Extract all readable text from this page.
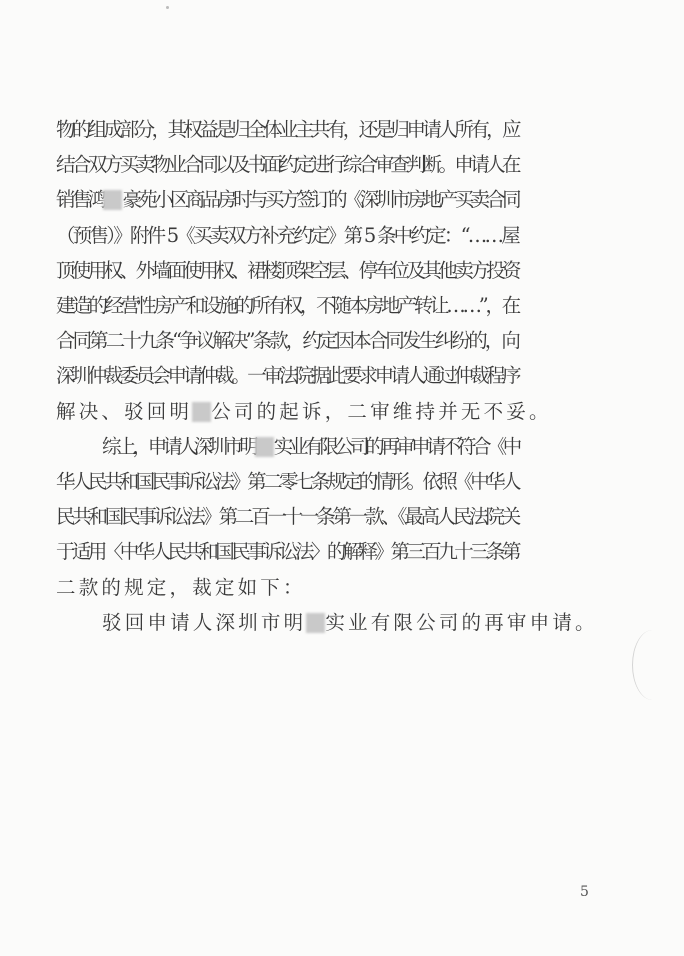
物的组成部分，其权益是归全体业主共有，还是归申请人所有，应
结合双方买卖物业合同以及书面约定进行综合审查判断。申请人在
销售鸿 豪苑小区商品房时与买方签订的《深圳市房地产买卖合同
（预售）》附件 5《买卖双方补充约定》第 5 条中约定：“……屋
顶使用权、外墙面使用权、裙楼顶架空层、停车位及其他卖方投资
建造的经营性房产和设施的所有权，不随本房地产转让……”，在
合同第二十九条“争议解决”条款，约定因本合同发生纠纷的，向
深圳仲裁委员会申请仲裁。一审法院据此要求申请人通过仲裁程序
解决、驳回明 公司的起诉，二审维持并无不妥。
综上，申请人深圳市明 实业有限公司的再审申请不符合《中
华人民共和国民事诉讼法》第二零七条规定的情形。依照《中华人
民共和国民事诉讼法》第二百一十一条第一款、《最高人民法院关
于适用〈中华人民共和国民事诉讼法〉的解释》第三百九十三条第
二款的规定，裁定如下：
驳回申请人深圳市明 实业有限公司的再审申请。
5
